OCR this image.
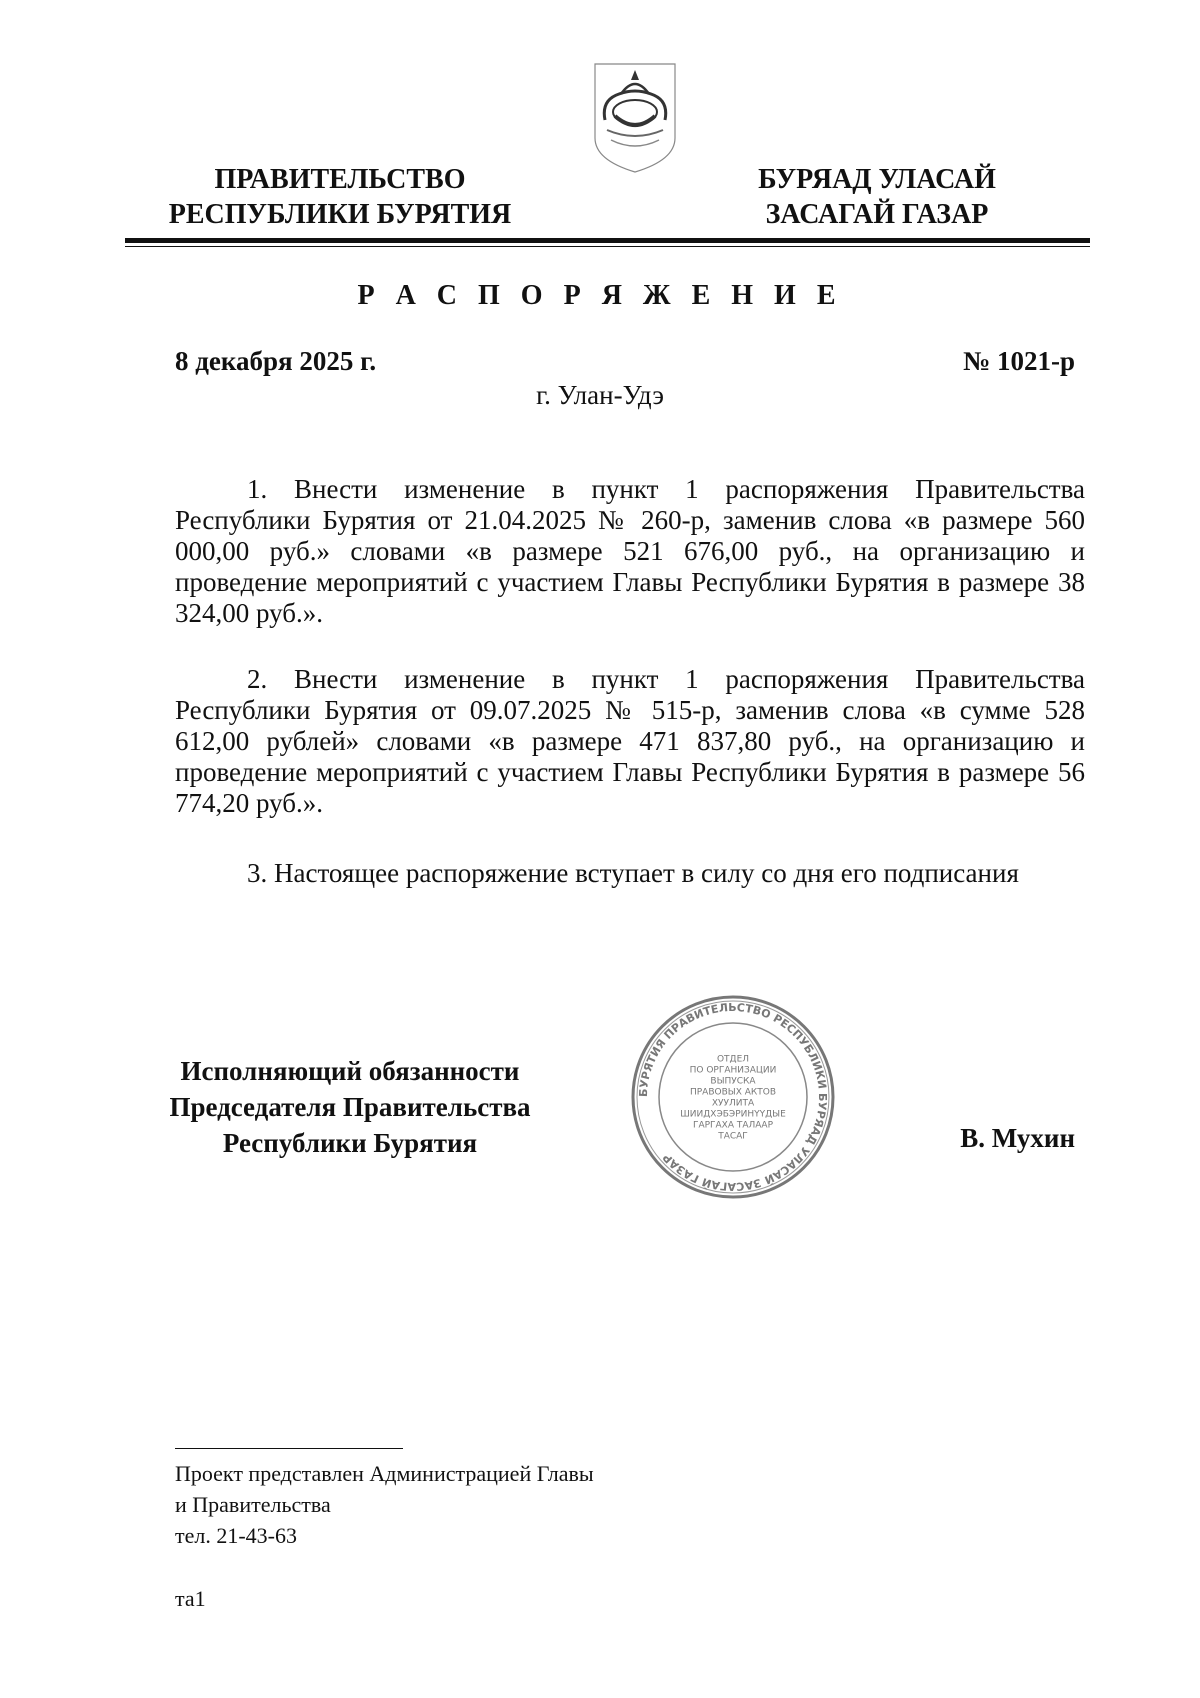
ПРАВИТЕЛЬСТВО
РЕСПУБЛИКИ БУРЯТИЯ
БУРЯАД УЛАСАЙ
ЗАСАГАЙ ГАЗАР
Р А С П О Р Я Ж Е Н И Е
8 декабря 2025 г.	№ 1021-р
г. Улан-Удэ

1. Внести изменение в пункт 1 распоряжения Правительства Республики Бурятия от 21.04.2025 № 260-р, заменив слова «в размере 560 000,00 руб.» словами «в размере 521 676,00 руб., на организацию и проведение мероприятий с участием Главы Республики Бурятия в размере 38 324,00 руб.».

2. Внести изменение в пункт 1 распоряжения Правительства Республики Бурятия от 09.07.2025 № 515-р, заменив слова «в сумме 528 612,00 рублей» словами «в размере 471 837,80 руб., на организацию и проведение мероприятий с участием Главы Республики Бурятия в размере 56 774,20 руб.».

3. Настоящее распоряжение вступает в силу со дня его подписания

Исполняющий обязанности
Председателя Правительства
Республики Бурятия
БУРЯТИЯ ПРАВИТЕЛЬСТВО РЕСПУБЛИКИ БУРЯАД УЛАСАЙ ЗАСАГАЙ ГАЗАР
ОТДЕЛ
ПО ОРГАНИЗАЦИИ
ВЫПУСКА
ПРАВОВЫХ АКТОВ
ХУУЛИТА
ШИИДХЭБЭРИНҮҮДЫЕ
ГАРГАХА ТАЛААР
ТАСАГ	В. Мухин
Проект представлен Администрацией Главы
и Правительства
тел. 21-43-63
та1
